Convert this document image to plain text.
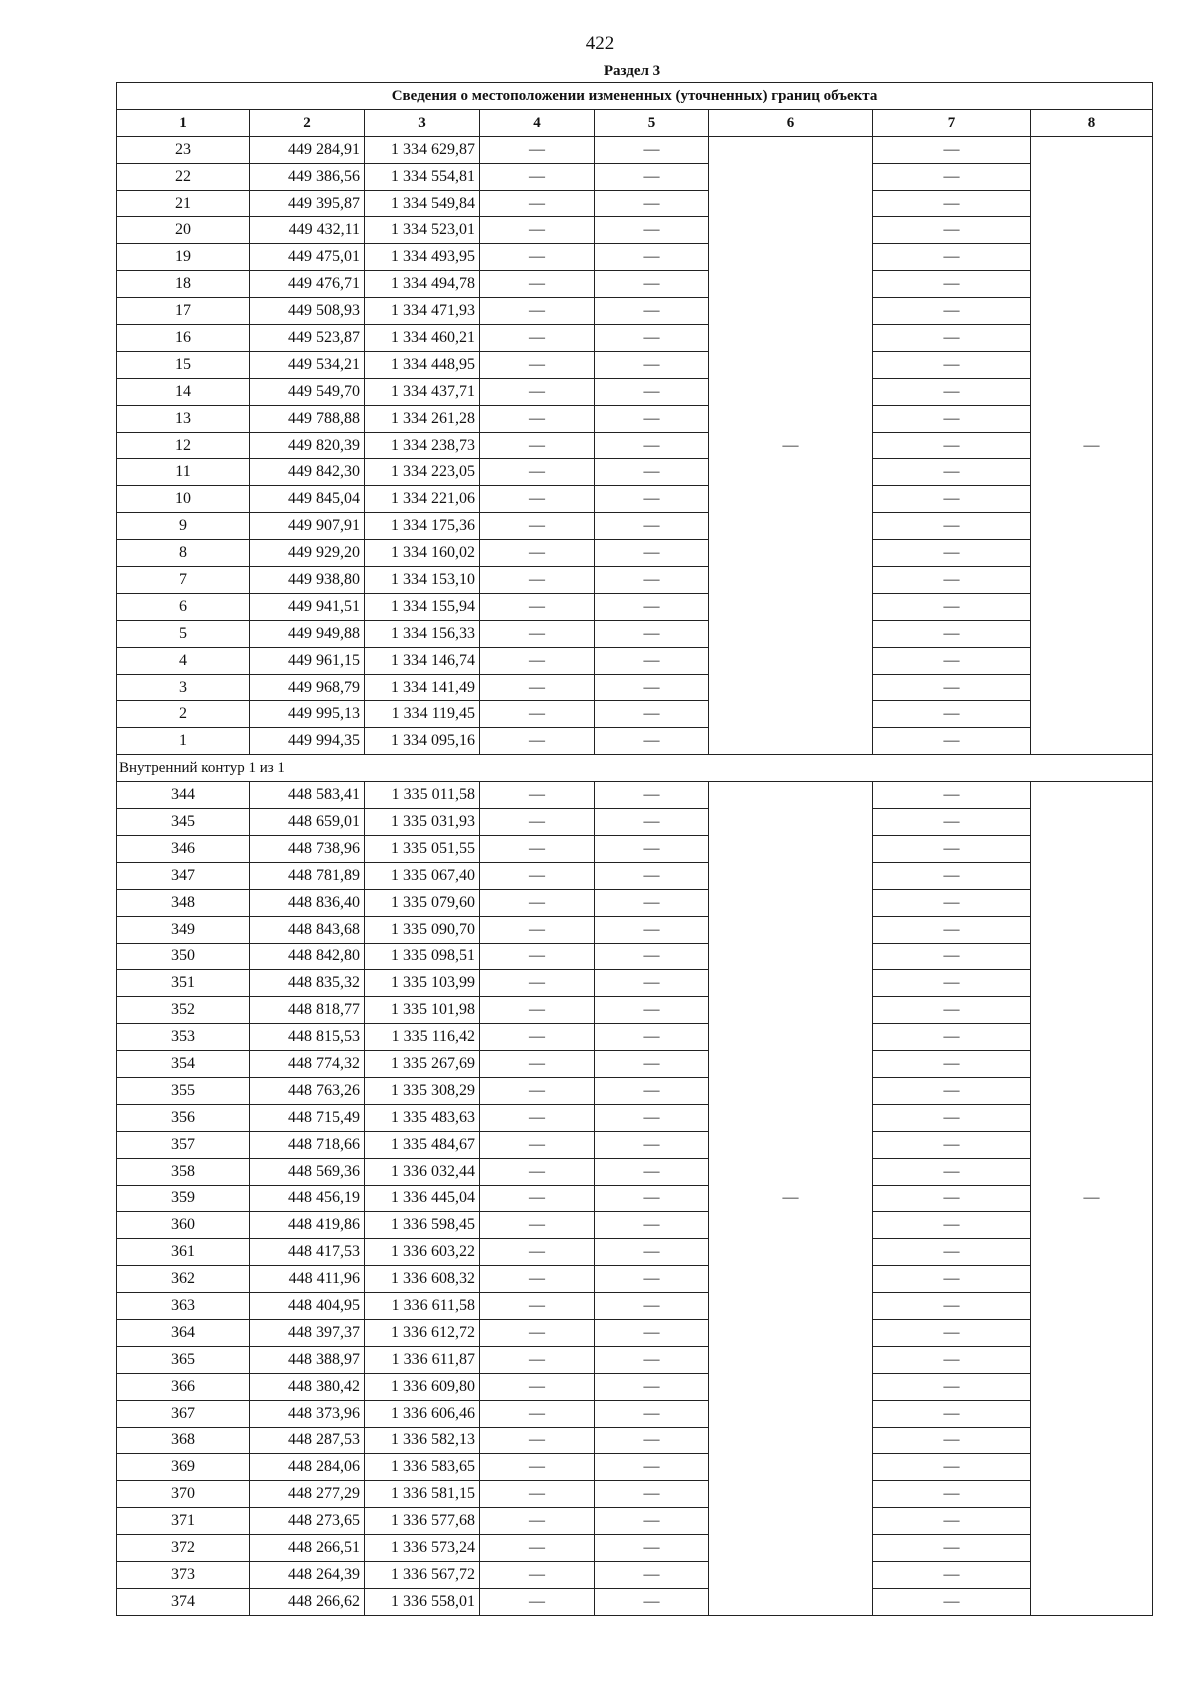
422
Раздел 3
Сведения о местоположении измененных (уточненных) границ объекта							
1	2	3	4	5	6	7	8
23	449 284,91	1 334 629,87	—	—	—	—	—
22	449 386,56	1 334 554,81	—	—		—	
21	449 395,87	1 334 549,84	—	—		—	
20	449 432,11	1 334 523,01	—	—		—	
19	449 475,01	1 334 493,95	—	—		—	
18	449 476,71	1 334 494,78	—	—		—	
17	449 508,93	1 334 471,93	—	—		—	
16	449 523,87	1 334 460,21	—	—		—	
15	449 534,21	1 334 448,95	—	—		—	
14	449 549,70	1 334 437,71	—	—		—	
13	449 788,88	1 334 261,28	—	—		—	
12	449 820,39	1 334 238,73	—	—		—	
11	449 842,30	1 334 223,05	—	—		—	
10	449 845,04	1 334 221,06	—	—		—	
9	449 907,91	1 334 175,36	—	—		—	
8	449 929,20	1 334 160,02	—	—		—	
7	449 938,80	1 334 153,10	—	—		—	
6	449 941,51	1 334 155,94	—	—		—	
5	449 949,88	1 334 156,33	—	—		—	
4	449 961,15	1 334 146,74	—	—		—	
3	449 968,79	1 334 141,49	—	—		—	
2	449 995,13	1 334 119,45	—	—		—	
1	449 994,35	1 334 095,16	—	—		—	
Внутренний контур 1 из 1							
344	448 583,41	1 335 011,58	—	—	—	—	—
345	448 659,01	1 335 031,93	—	—		—	
346	448 738,96	1 335 051,55	—	—		—	
347	448 781,89	1 335 067,40	—	—		—	
348	448 836,40	1 335 079,60	—	—		—	
349	448 843,68	1 335 090,70	—	—		—	
350	448 842,80	1 335 098,51	—	—		—	
351	448 835,32	1 335 103,99	—	—		—	
352	448 818,77	1 335 101,98	—	—		—	
353	448 815,53	1 335 116,42	—	—		—	
354	448 774,32	1 335 267,69	—	—		—	
355	448 763,26	1 335 308,29	—	—		—	
356	448 715,49	1 335 483,63	—	—		—	
357	448 718,66	1 335 484,67	—	—		—	
358	448 569,36	1 336 032,44	—	—		—	
359	448 456,19	1 336 445,04	—	—		—	
360	448 419,86	1 336 598,45	—	—		—	
361	448 417,53	1 336 603,22	—	—		—	
362	448 411,96	1 336 608,32	—	—		—	
363	448 404,95	1 336 611,58	—	—		—	
364	448 397,37	1 336 612,72	—	—		—	
365	448 388,97	1 336 611,87	—	—		—	
366	448 380,42	1 336 609,80	—	—		—	
367	448 373,96	1 336 606,46	—	—		—	
368	448 287,53	1 336 582,13	—	—		—	
369	448 284,06	1 336 583,65	—	—		—	
370	448 277,29	1 336 581,15	—	—		—	
371	448 273,65	1 336 577,68	—	—		—	
372	448 266,51	1 336 573,24	—	—		—	
373	448 264,39	1 336 567,72	—	—		—	
374	448 266,62	1 336 558,01	—	—		—	
